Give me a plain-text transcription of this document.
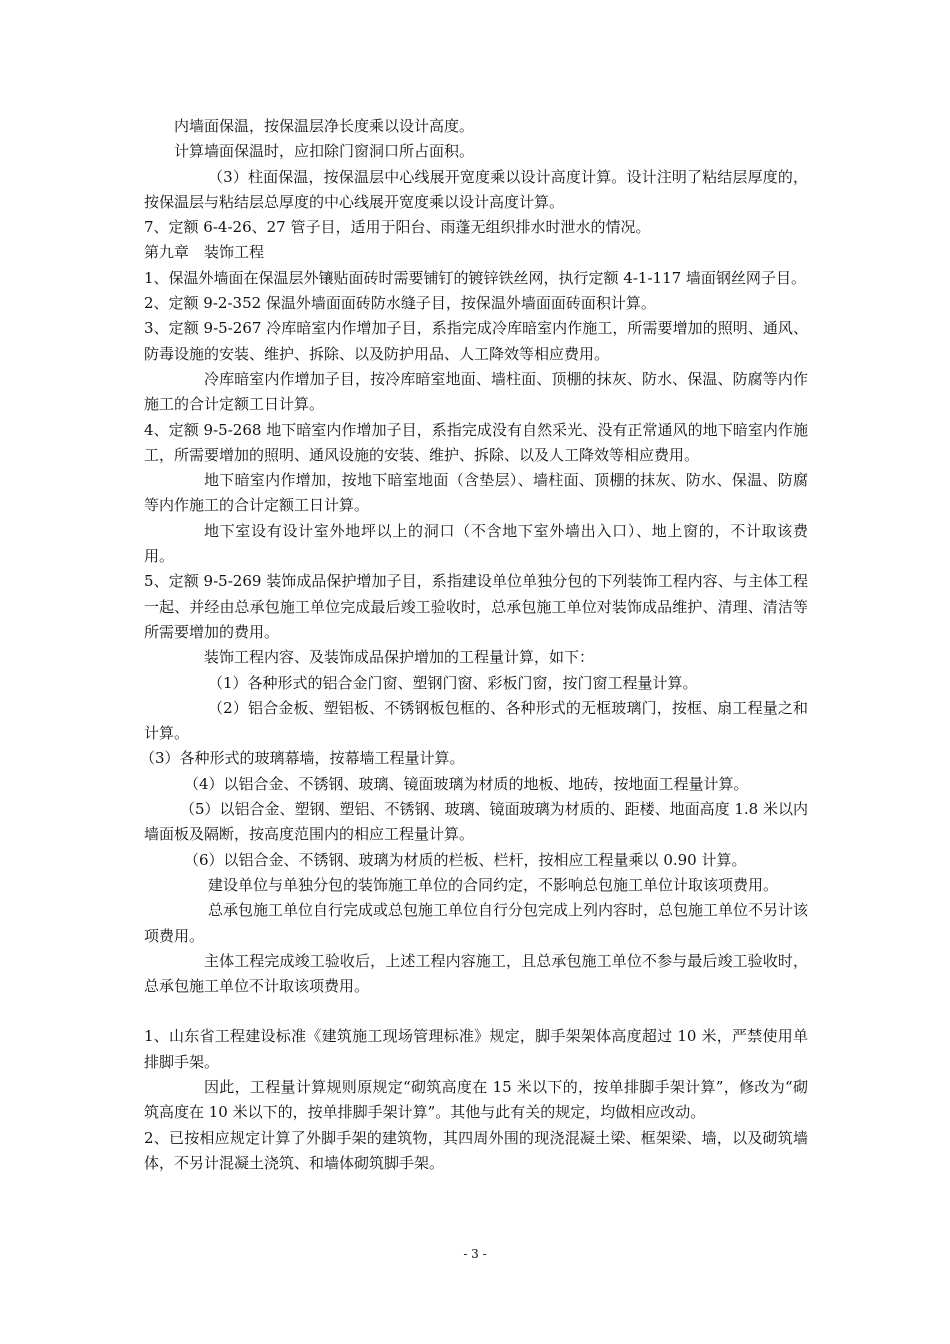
内墙面保温，按保温层净长度乘以设计高度。

计算墙面保温时，应扣除门窗洞口所占面积。

（3）柱面保温，按保温层中心线展开宽度乘以设计高度计算。设计注明了粘结层厚度的，按保温层与粘结层总厚度的中心线展开宽度乘以设计高度计算。

7、定额 6-4-26、27 管子目，适用于阳台、雨蓬无组织排水时泄水的情况。

第九章　装饰工程

1、保温外墙面在保温层外镶贴面砖时需要铺钉的镀锌铁丝网，执行定额 4-1-117 墙面钢丝网子目。

2、定额 9-2-352 保温外墙面面砖防水缝子目，按保温外墙面面砖面积计算。

3、定额 9-5-267 冷库暗室内作增加子目，系指完成冷库暗室内作施工，所需要增加的照明、通风、防毒设施的安装、维护、拆除、以及防护用品、人工降效等相应费用。

冷库暗室内作增加子目，按冷库暗室地面、墙柱面、顶棚的抹灰、防水、保温、防腐等内作施工的合计定额工日计算。

4、定额 9-5-268 地下暗室内作增加子目，系指完成没有自然采光、没有正常通风的地下暗室内作施工，所需要增加的照明、通风设施的安装、维护、拆除、以及人工降效等相应费用。

地下暗室内作增加，按地下暗室地面（含垫层）、墙柱面、顶棚的抹灰、防水、保温、防腐等内作施工的合计定额工日计算。

地下室设有设计室外地坪以上的洞口（不含地下室外墙出入口）、地上窗的，不计取该费用。

5、定额 9-5-269 装饰成品保护增加子目，系指建设单位单独分包的下列装饰工程内容、与主体工程一起、并经由总承包施工单位完成最后竣工验收时，总承包施工单位对装饰成品维护、清理、清洁等所需要增加的费用。

装饰工程内容、及装饰成品保护增加的工程量计算，如下：

（1）各种形式的铝合金门窗、塑钢门窗、彩板门窗，按门窗工程量计算。

（2）铝合金板、塑铝板、不锈钢板包框的、各种形式的无框玻璃门，按框、扇工程量之和计算。

（3）各种形式的玻璃幕墙，按幕墙工程量计算。

（4）以铝合金、不锈钢、玻璃、镜面玻璃为材质的地板、地砖，按地面工程量计算。

（5）以铝合金、塑钢、塑铝、不锈钢、玻璃、镜面玻璃为材质的、距楼、地面高度 1.8 米以内墙面板及隔断，按高度范围内的相应工程量计算。

（6）以铝合金、不锈钢、玻璃为材质的栏板、栏杆，按相应工程量乘以 0.90 计算。

建设单位与单独分包的装饰施工单位的合同约定，不影响总包施工单位计取该项费用。

总承包施工单位自行完成或总包施工单位自行分包完成上列内容时，总包施工单位不另计该项费用。

主体工程完成竣工验收后，上述工程内容施工，且总承包施工单位不参与最后竣工验收时，总承包施工单位不计取该项费用。

1、山东省工程建设标准《建筑施工现场管理标准》规定，脚手架架体高度超过 10 米，严禁使用单排脚手架。

因此，工程量计算规则原规定“砌筑高度在 15 米以下的，按单排脚手架计算”，修改为“砌筑高度在 10 米以下的，按单排脚手架计算”。其他与此有关的规定，均做相应改动。

2、已按相应规定计算了外脚手架的建筑物，其四周外围的现浇混凝土梁、框架梁、墙，以及砌筑墙体，不另计混凝土浇筑、和墙体砌筑脚手架。

- 3 -
